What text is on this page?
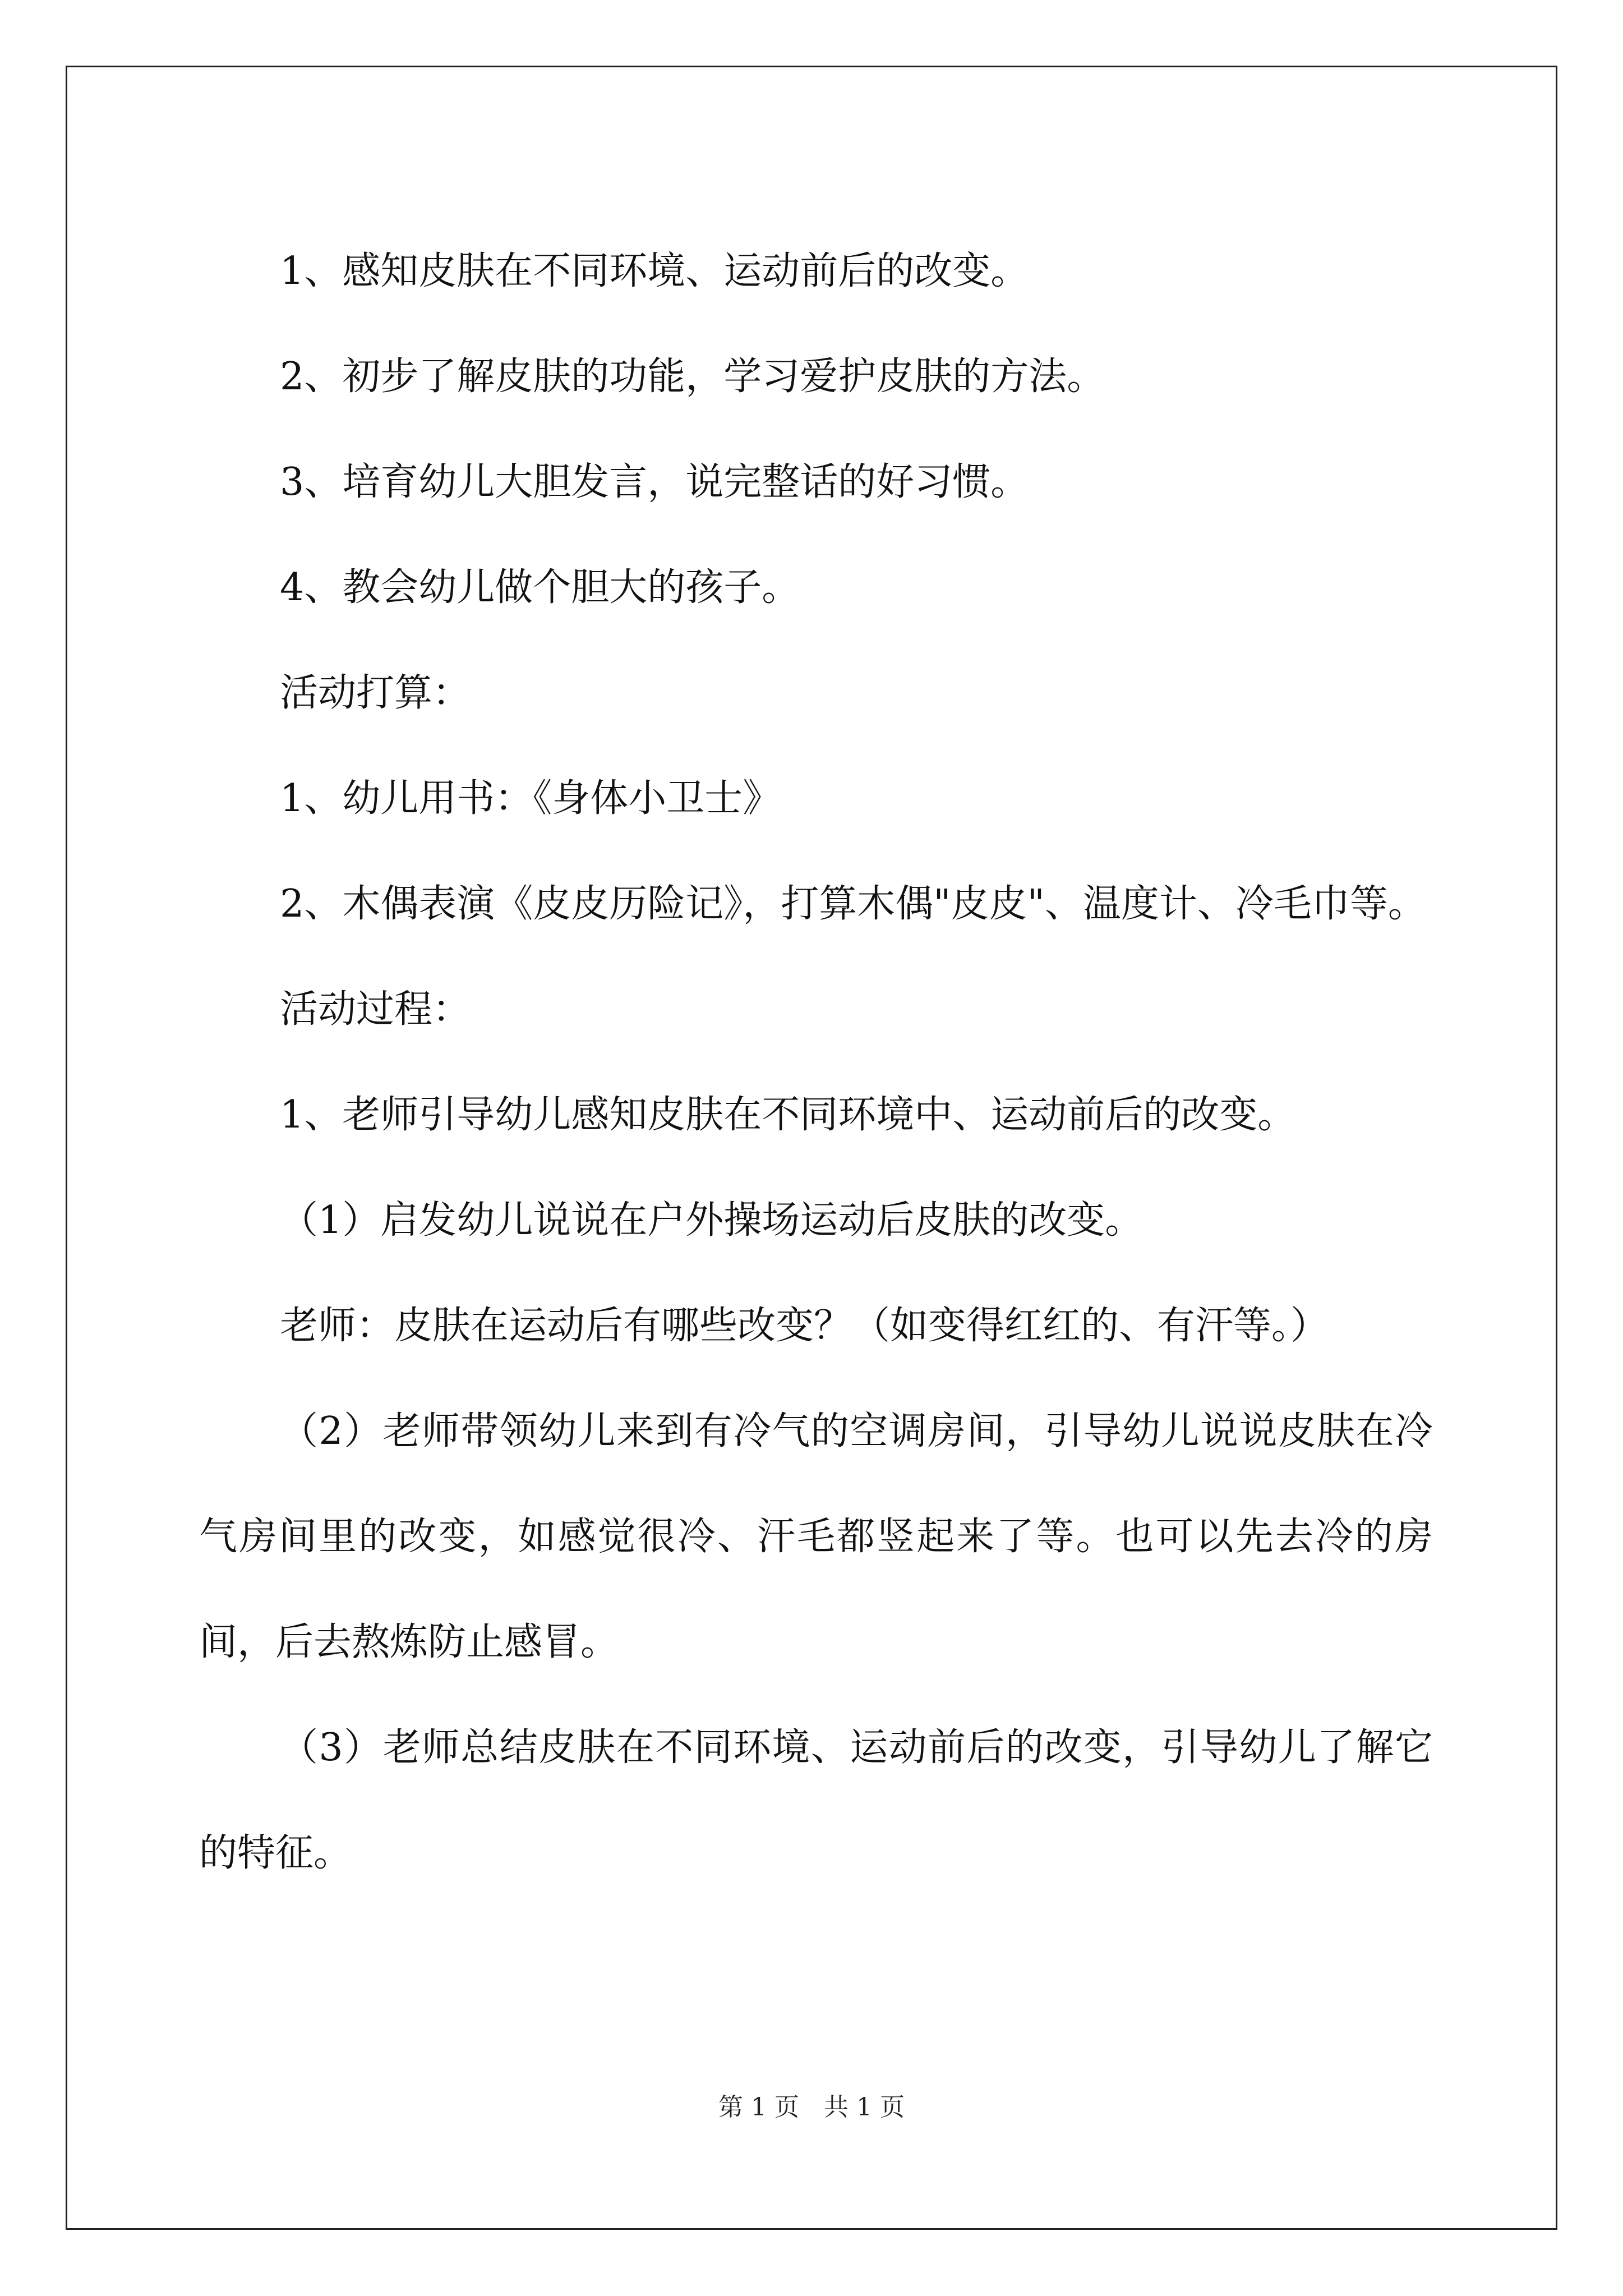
1、感知皮肤在不同环境、运动前后的改变。

2、初步了解皮肤的功能，学习爱护皮肤的方法。

3、培育幼儿大胆发言，说完整话的好习惯。

4、教会幼儿做个胆大的孩子。

活动打算：

1、幼儿用书：《身体小卫士》

2、木偶表演《皮皮历险记》，打算木偶"皮皮"、温度计、冷毛巾等。

活动过程：

1、老师引导幼儿感知皮肤在不同环境中、运动前后的改变。

（1）启发幼儿说说在户外操场运动后皮肤的改变。

老师：皮肤在运动后有哪些改变？（如变得红红的、有汗等。）

（2）老师带领幼儿来到有冷气的空调房间，引导幼儿说说皮肤在冷气房间里的改变，如感觉很冷、汗毛都竖起来了等。也可以先去冷的房间，后去熬炼防止感冒。

（3）老师总结皮肤在不同环境、运动前后的改变，引导幼儿了解它的特征。

第 1 页　共 1 页
